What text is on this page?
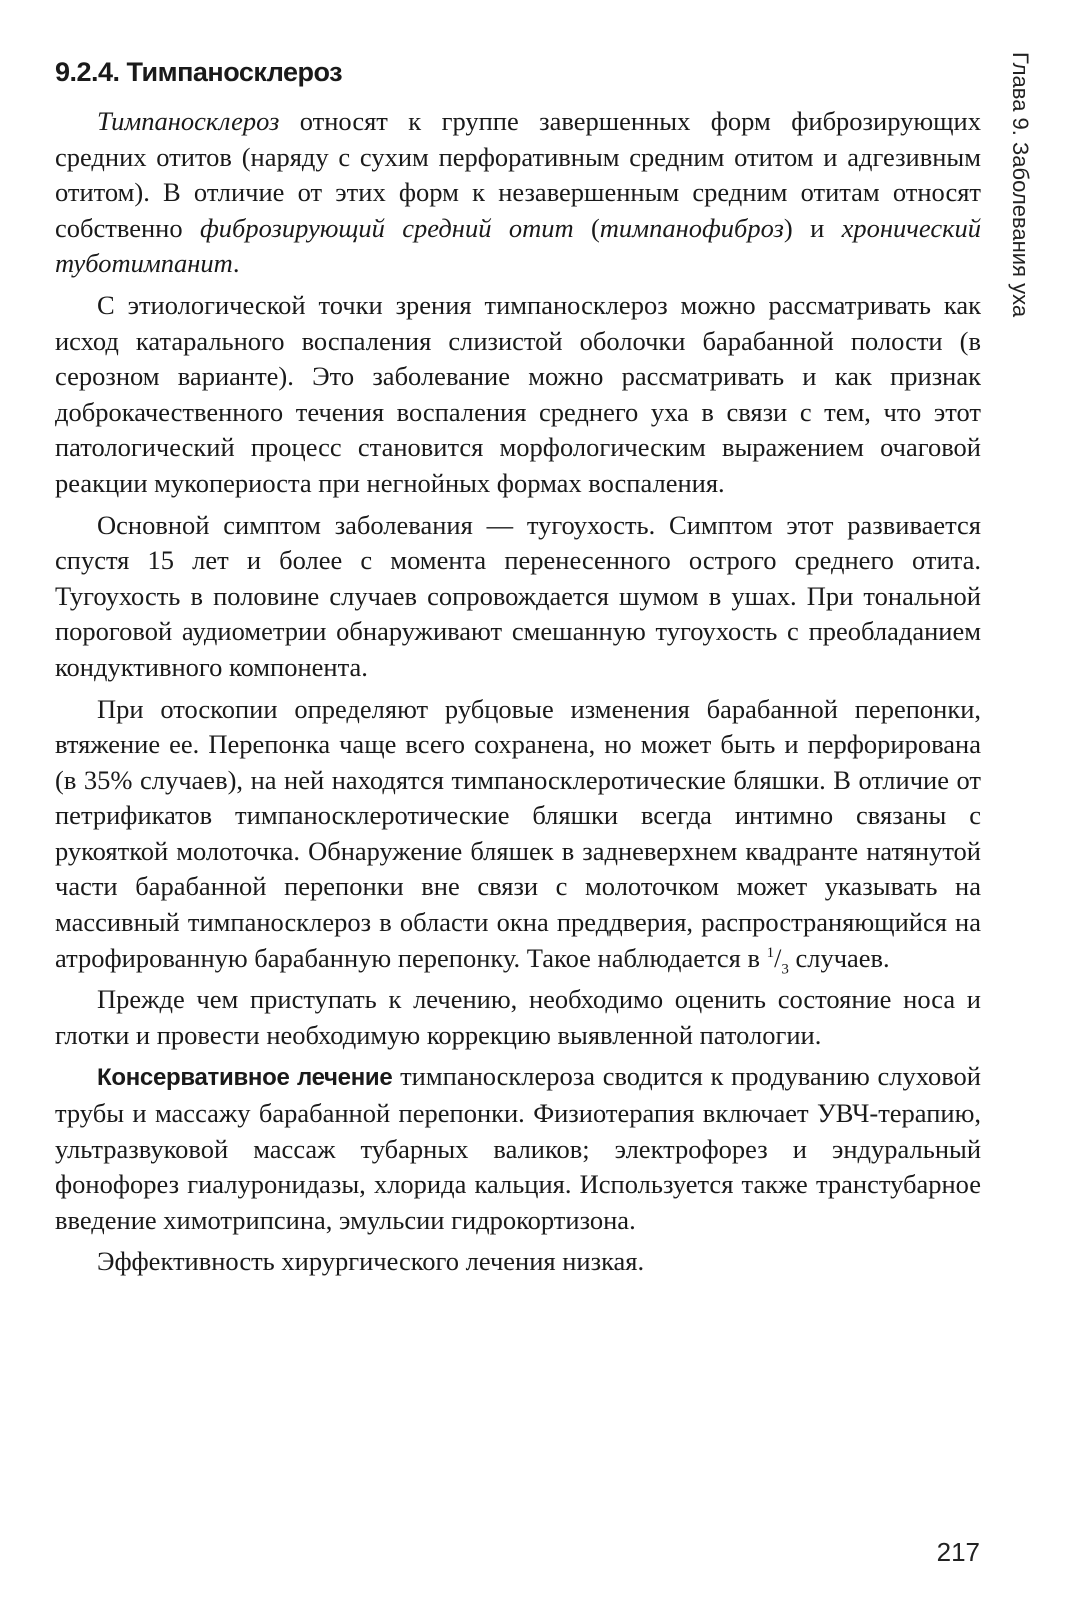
9.2.4. Тимпаносклероз	Глава 9. Заболевания уха

Тимпаносклероз относят к группе завершенных форм фиброзирующих средних отитов (наряду с сухим перфоративным средним отитом и адгезивным отитом). В отличие от этих форм к незавершенным средним отитам относят собственно фиброзирующий средний отит (тимпанофиброз) и хронический туботимпанит.

С этиологической точки зрения тимпаносклероз можно рассматривать как исход катарального воспаления слизистой оболочки барабанной полости (в серозном варианте). Это заболевание можно рассматривать и как признак доброкачественного течения воспаления среднего уха в связи с тем, что этот патологический процесс становится морфологическим выражением очаговой реакции мукопериоста при негнойных формах воспаления.

Основной симптом заболевания — тугоухость. Симптом этот развивается спустя 15 лет и более с момента перенесенного острого среднего отита. Тугоухость в половине случаев сопровождается шумом в ушах. При тональной пороговой аудиометрии обнаруживают смешанную тугоухость с преобладанием кондуктивного компонента.

При отоскопии определяют рубцовые изменения барабанной перепонки, втяжение ее. Перепонка чаще всего сохранена, но может быть и перфорирована (в 35% случаев), на ней находятся тимпаносклеротические бляшки. В отличие от петрификатов тимпаносклеротические бляшки всегда интимно связаны с рукояткой молоточка. Обнаружение бляшек в задневерхнем квадранте натянутой части барабанной перепонки вне связи с молоточком может указывать на массивный тимпаносклероз в области окна преддверия, распространяющийся на атрофированную барабанную перепонку. Такое наблюдается в $^1/_3$ случаев.

Прежде чем приступать к лечению, необходимо оценить состояние носа и глотки и провести необходимую коррекцию выявленной патологии.

Консервативное лечение тимпаносклероза сводится к продуванию слуховой трубы и массажу барабанной перепонки. Физиотерапия включает УВЧ-терапию, ультразвуковой массаж тубарных валиков; электрофорез и эндуральный фонофорез гиалуронидазы, хлорида кальция. Используется также транстубарное введение химотрипсина, эмульсии гидрокортизона.

Эффективность хирургического лечения низкая.

217
